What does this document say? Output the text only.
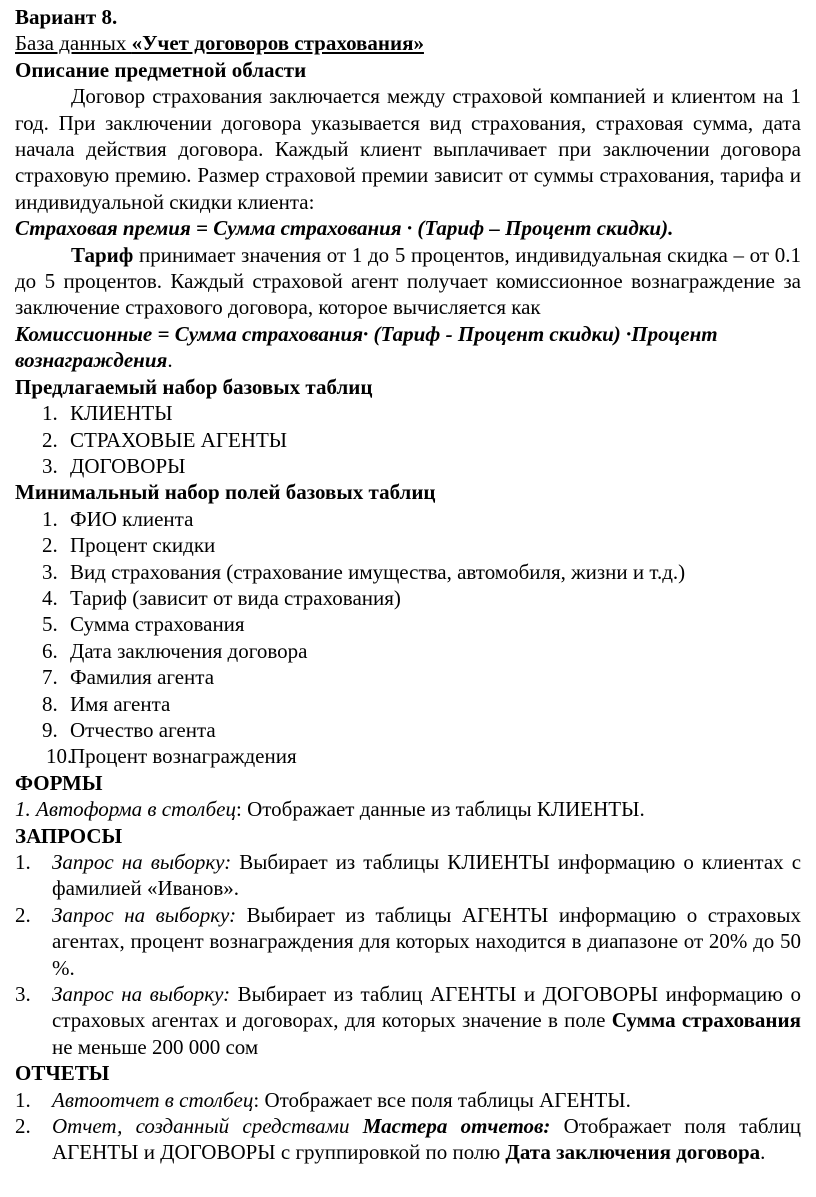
Вариант 8.

База данных «Учет договоров страхования»

Описание предметной области

Договор страхования заключается между страховой компанией и клиентом на 1 год. При заключении договора указывается вид страхования, страховая сумма, дата начала действия договора. Каждый клиент выплачивает при заключении договора страховую премию. Размер страховой премии зависит от суммы страхования, тарифа и индивидуальной скидки клиента:

Страховая премия = Сумма страхования · (Тариф – Процент скидки).

Тариф принимает значения от 1 до 5 процентов, индивидуальная скидка – от 0.1 до 5 процентов. Каждый страховой агент получает комиссионное вознаграждение за заключение страхового договора, которое вычисляется как

Комиссионные = Сумма страхования· (Тариф - Процент скидки) ·Процент вознаграждения.

Предлагаемый набор базовых таблиц

1. КЛИЕНТЫ
2. СТРАХОВЫЕ АГЕНТЫ
3. ДОГОВОРЫ

Минимальный набор полей базовых таблиц

1. ФИО клиента
2. Процент скидки
3. Вид страхования (страхование имущества, автомобиля, жизни и т.д.)
4. Тариф (зависит от вида страхования)
5. Сумма страхования
6. Дата заключения договора
7. Фамилия агента
8. Имя агента
9. Отчество агента
10.
Процент вознаграждения

ФОРМЫ

1. Автоформа в столбец: Отображает данные из таблицы КЛИЕНТЫ.

ЗАПРОСЫ

1. Запрос на выборку: Выбирает из таблицы КЛИЕНТЫ информацию о клиентах с фамилией «Иванов».
2. Запрос на выборку: Выбирает из таблицы АГЕНТЫ информацию о страховых агентах, процент вознаграждения для которых находится в диапазоне от 20% до 50 %.
3. Запрос на выборку: Выбирает из таблиц АГЕНТЫ и ДОГОВОРЫ информацию о страховых агентах и договорах, для которых значение в поле Сумма страхования не меньше 200 000 сом

ОТЧЕТЫ

1. Автоотчет в столбец: Отображает все поля таблицы АГЕНТЫ.
2. Отчет, созданный средствами Мастера отчетов: Отображает поля таблиц АГЕНТЫ и ДОГОВОРЫ с группировкой по полю Дата заключения договора.
